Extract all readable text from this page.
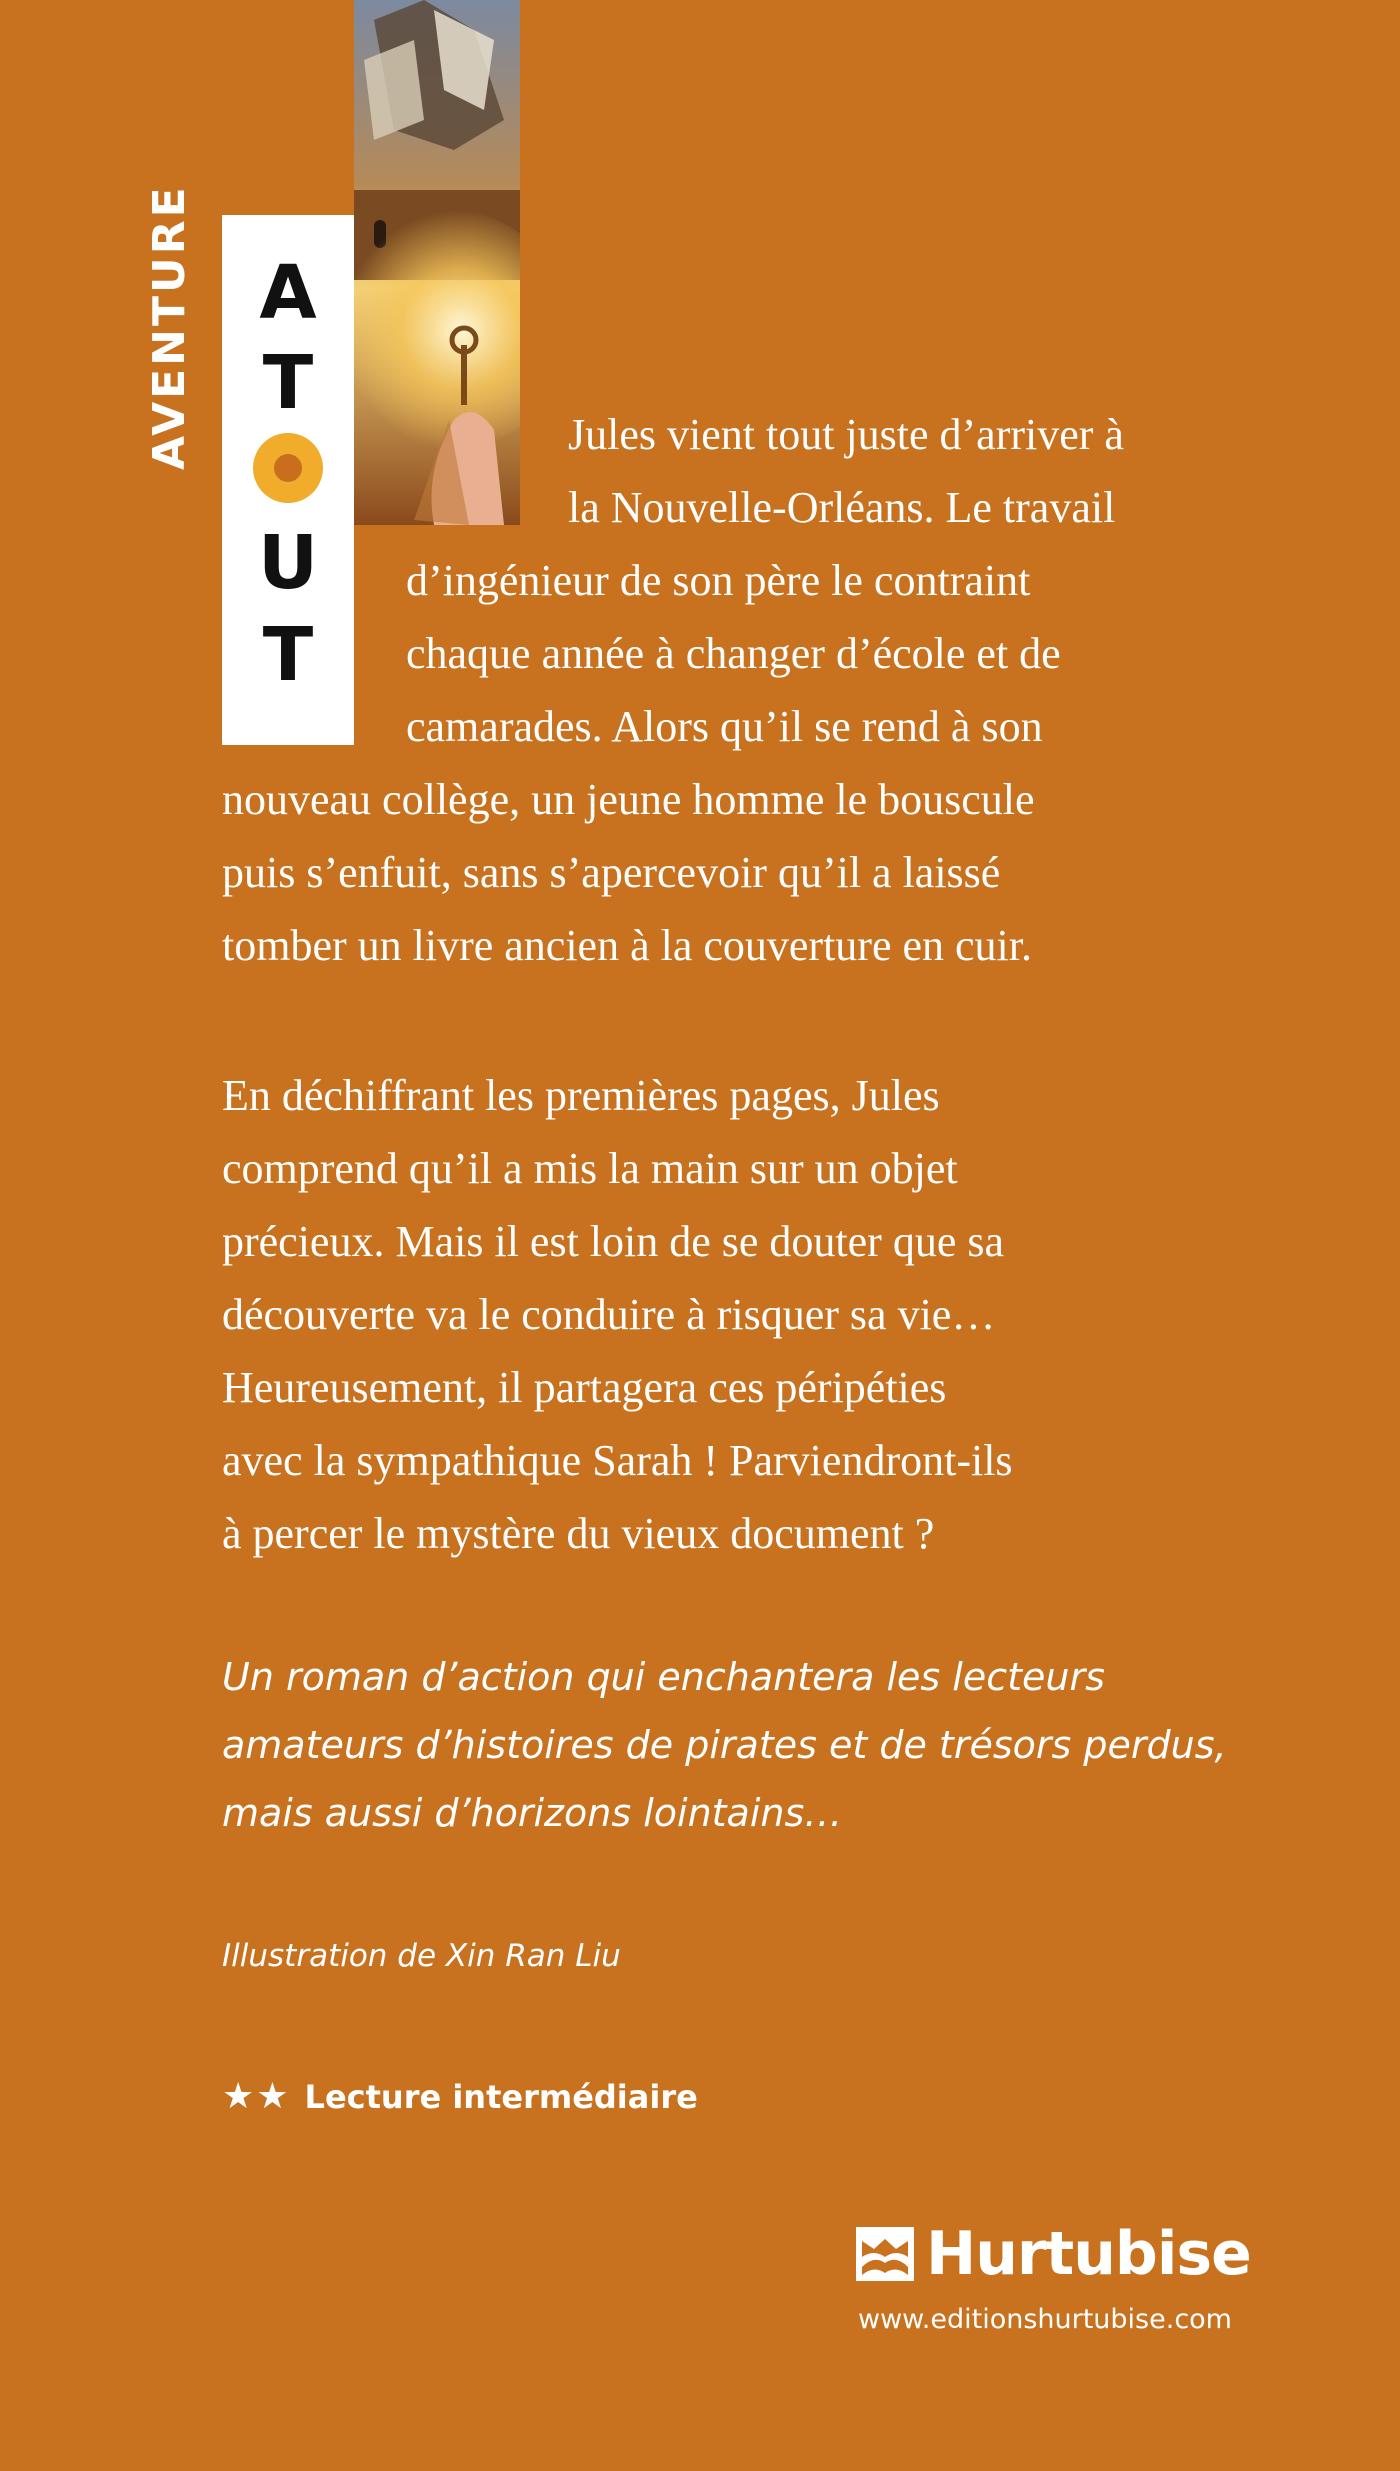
AVENTURE A
T
U
T
Jules vient tout juste d’arriver à
la Nouvelle-Orléans. Le travail
d’ingénieur de son père le contraint
chaque année à changer d’école et de
camarades. Alors qu’il se rend à son
nouveau collège, un jeune homme le bouscule
puis s’enfuit, sans s’apercevoir qu’il a laissé
tomber un livre ancien à la couverture en cuir.
En déchiffrant les premières pages, Jules
comprend qu’il a mis la main sur un objet
précieux. Mais il est loin de se douter que sa
découverte va le conduire à risquer sa vie…
Heureusement, il partagera ces péripéties
avec la sympathique Sarah ! Parviendront-ils
à percer le mystère du vieux document ?
Un roman d’action qui enchantera les lecteurs
amateurs d’histoires de pirates et de trésors perdus,
mais aussi d’horizons lointains…
Illustration de Xin Ran Liu
★★ Lecture intermédiaire
Hurtubise
www.editionshurtubise.com
